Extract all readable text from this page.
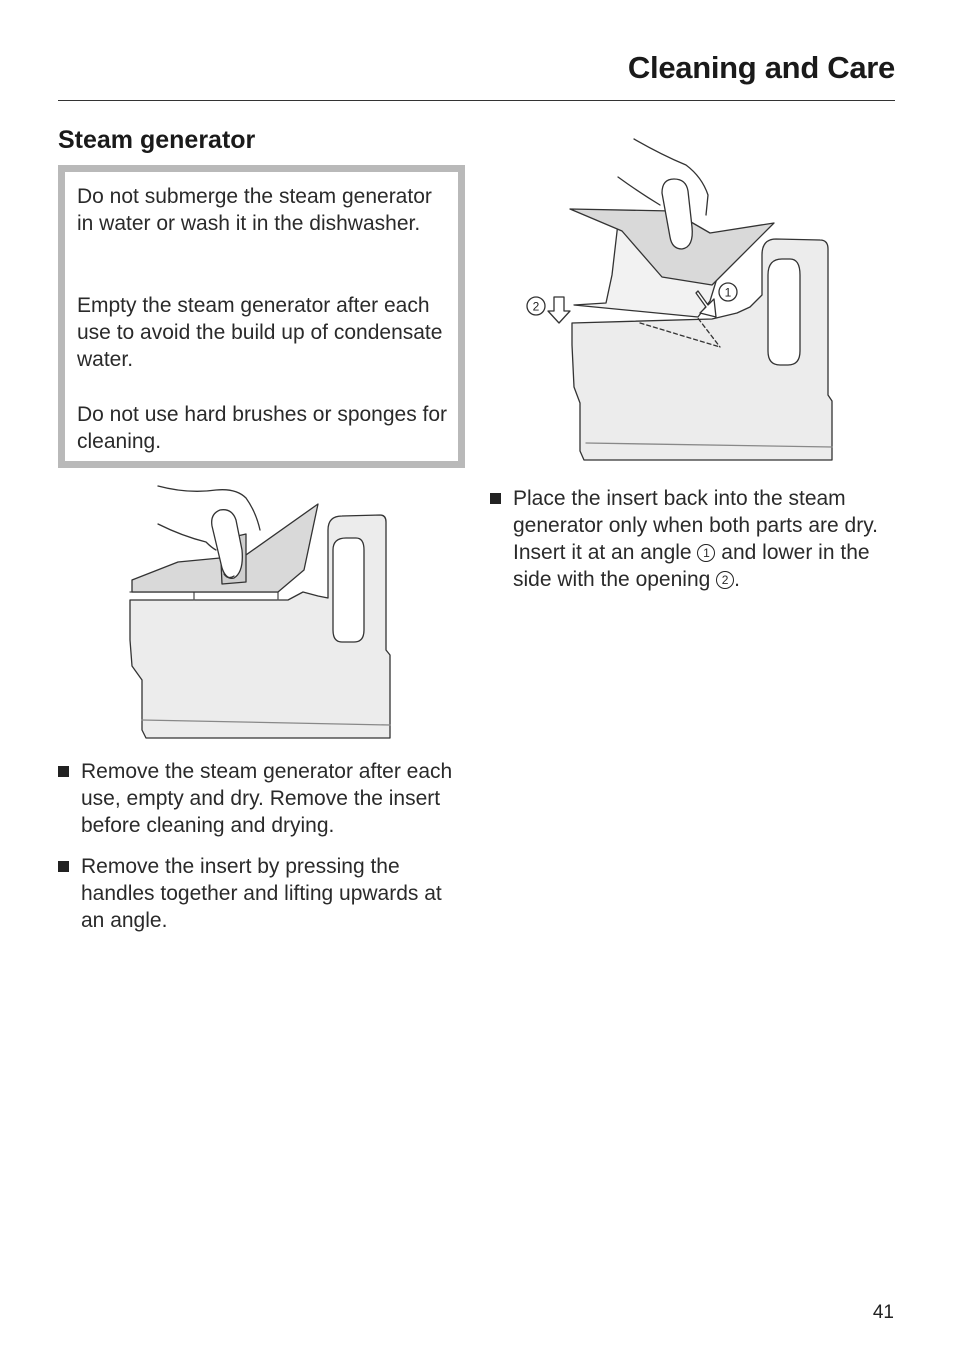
Cleaning and Care
Steam generator

Do not submerge the steam generator in water or wash it in the dishwasher.

Empty the steam generator after each use to avoid the build up of condensate water.

Do not use hard brushes or sponges for cleaning.

1
2
Remove the steam generator after each use, empty and dry. Remove the insert before cleaning and drying.
Remove the insert by pressing the handles together and lifting upwards at an angle.
Place the insert back into the steam generator only when both parts are dry. Insert it at an angle 1 and lower in the side with the opening 2 .
41
